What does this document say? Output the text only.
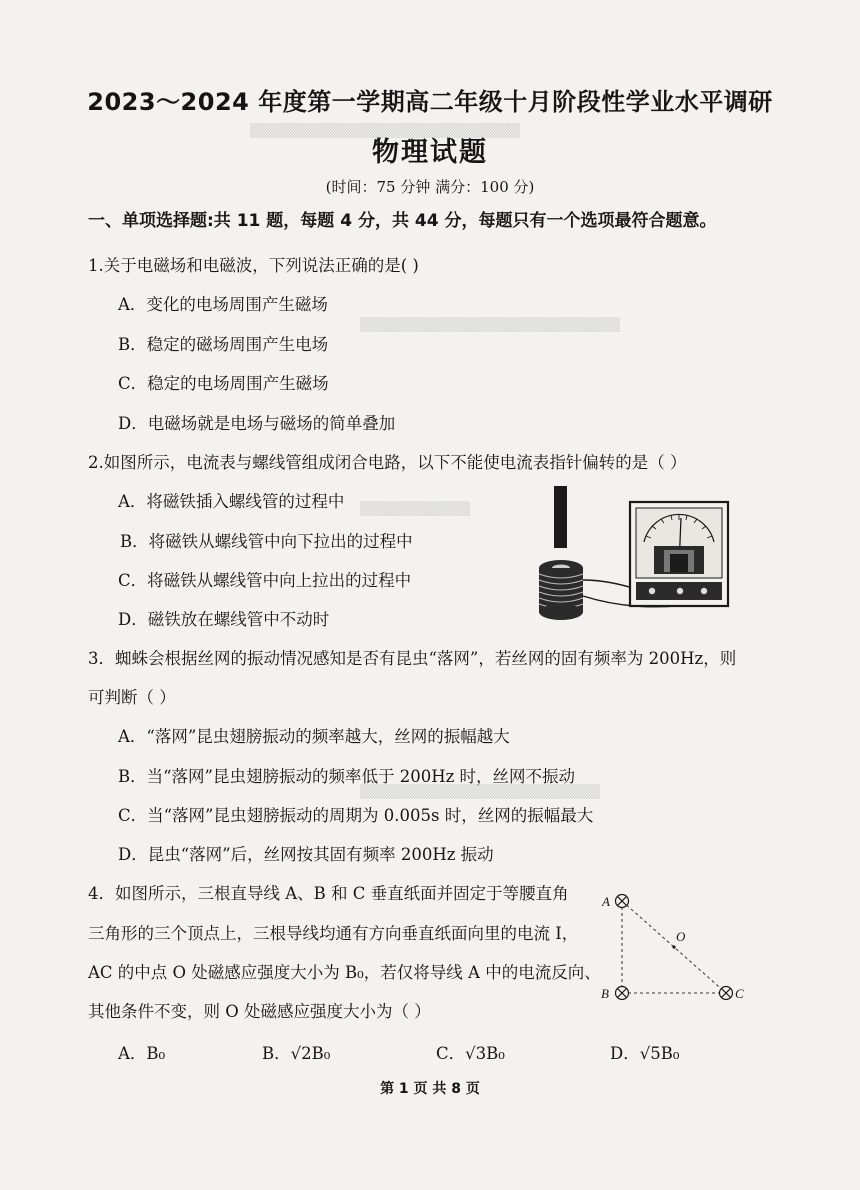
▒▒▒▒▒▒▒▒▒▒▒▒▒▒▒▒▒▒▒▒▒▒▒▒▒▒▒
▒▒▒▒▒▒▒▒▒▒▒▒▒▒▒▒▒▒▒▒▒▒▒▒▒▒
▒▒▒▒▒▒▒▒▒▒▒
▒▒▒▒▒▒▒▒▒▒▒▒▒▒▒▒▒▒▒▒▒▒▒▒
2023～2024 年度第一学期高二年级十月阶段性学业水平调研
物理试题
(时间：75 分钟 满分：100 分)
一、单项选择题:共 11 题，每题 4 分，共 44 分，每题只有一个选项最符合题意。
1.关于电磁场和电磁波，下列说法正确的是( )
A．变化的电场周围产生磁场
B．稳定的磁场周围产生电场
C．稳定的电场周围产生磁场
D．电磁场就是电场与磁场的简单叠加
2.如图所示，电流表与螺线管组成闭合电路，以下不能使电流表指针偏转的是（ ）
A．将磁铁插入螺线管的过程中
B．将磁铁从螺线管中向下拉出的过程中
C．将磁铁从螺线管中向上拉出的过程中
D．磁铁放在螺线管中不动时
3．蜘蛛会根据丝网的振动情况感知是否有昆虫“落网”，若丝网的固有频率为 200Hz，则
可判断（ ）
A．“落网”昆虫翅膀振动的频率越大，丝网的振幅越大
B．当“落网”昆虫翅膀振动的频率低于 200Hz 时，丝网不振动
C．当“落网”昆虫翅膀振动的周期为 0.005s 时，丝网的振幅最大
D．昆虫“落网”后，丝网按其固有频率 200Hz 振动
4．如图所示，三根直导线 A、B 和 C 垂直纸面并固定于等腰直角
三角形的三个顶点上，三根导线均通有方向垂直纸面向里的电流 I，
AC 的中点 O 处磁感应强度大小为 B₀，若仅将导线 A 中的电流反向、
其他条件不变，则 O 处磁感应强度大小为（ ）
A
B	C
O
A．B₀	B．√2B₀	C．√3B₀	D．√5B₀
第 1 页 共 8 页
